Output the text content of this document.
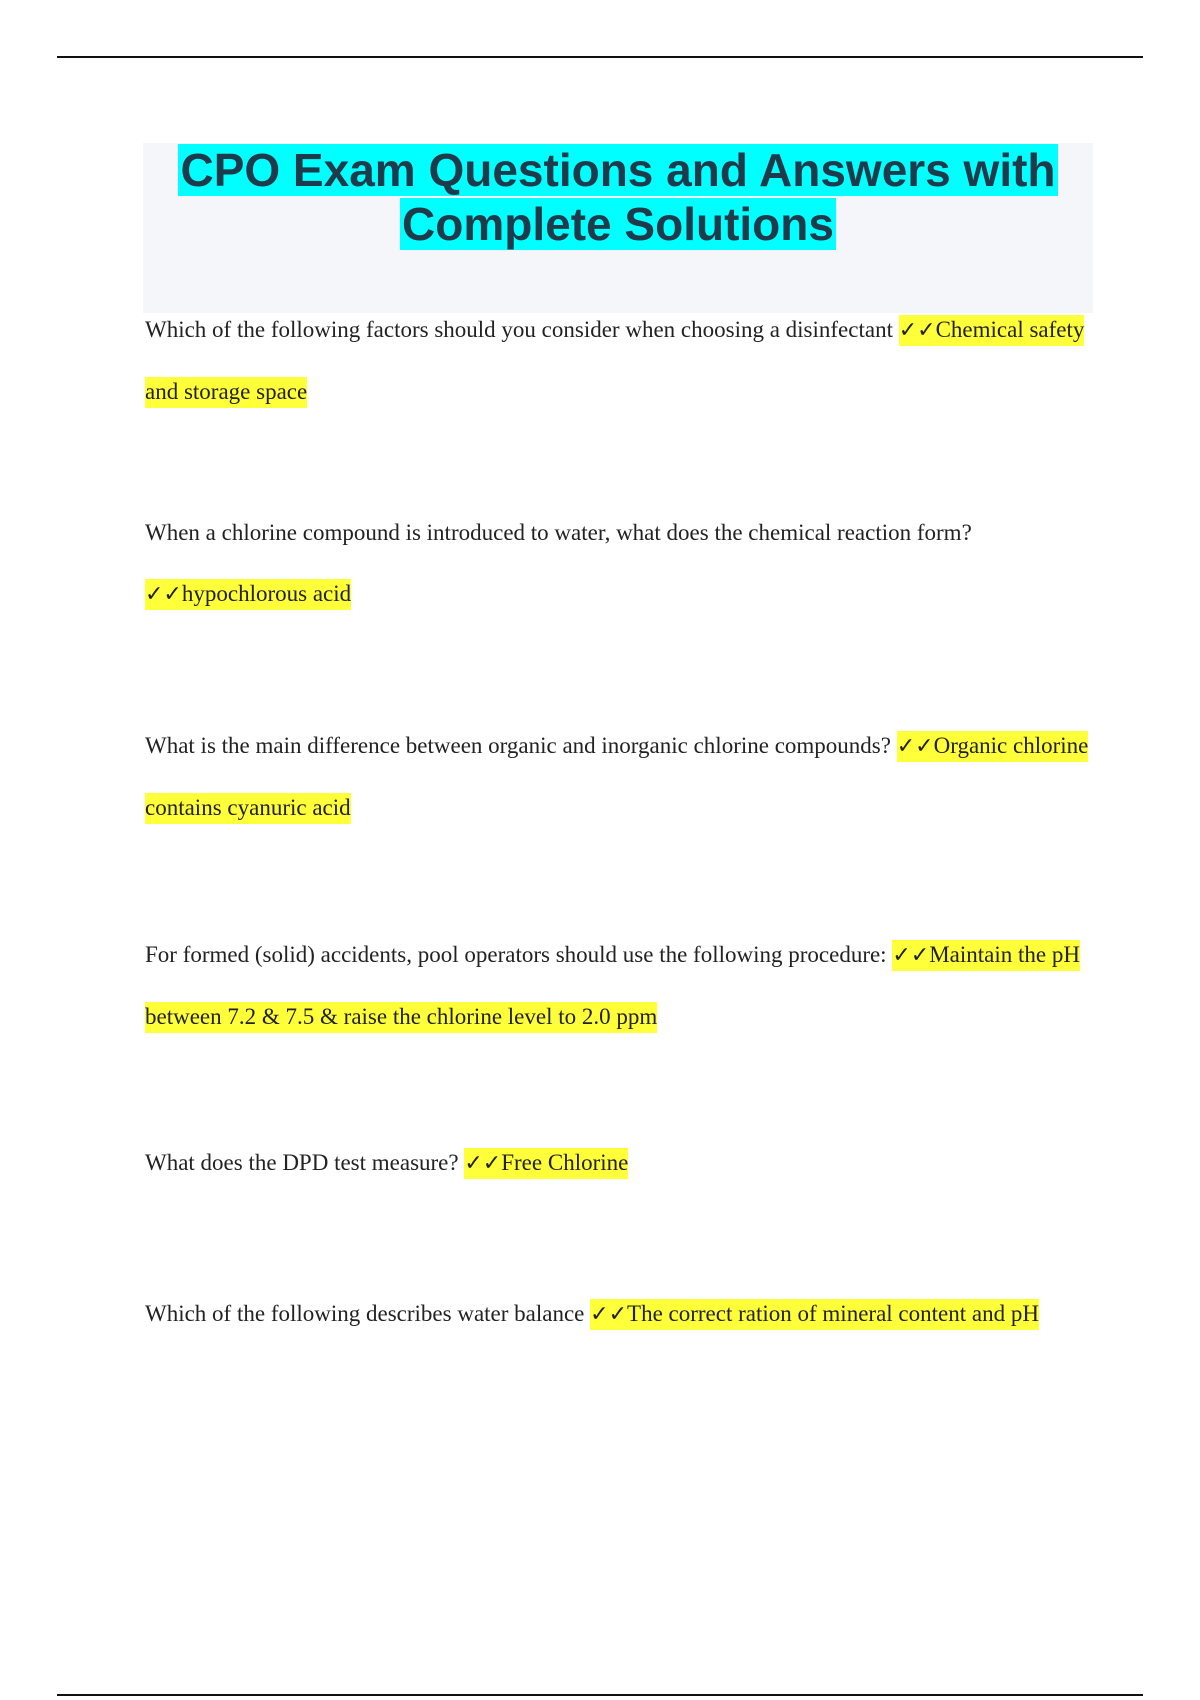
CPO Exam Questions and Answers with
Complete Solutions

Which of the following factors should you consider when choosing a disinfectant ✓✓Chemical safety and storage space

When a chlorine compound is introduced to water, what does the chemical reaction form? ✓✓hypochlorous acid

What is the main difference between organic and inorganic chlorine compounds? ✓✓Organic chlorine contains cyanuric acid

For formed (solid) accidents, pool operators should use the following procedure: ✓✓Maintain the pH between 7.2 & 7.5 & raise the chlorine level to 2.0 ppm

What does the DPD test measure? ✓✓Free Chlorine

Which of the following describes water balance ✓✓The correct ration of mineral content and pH
